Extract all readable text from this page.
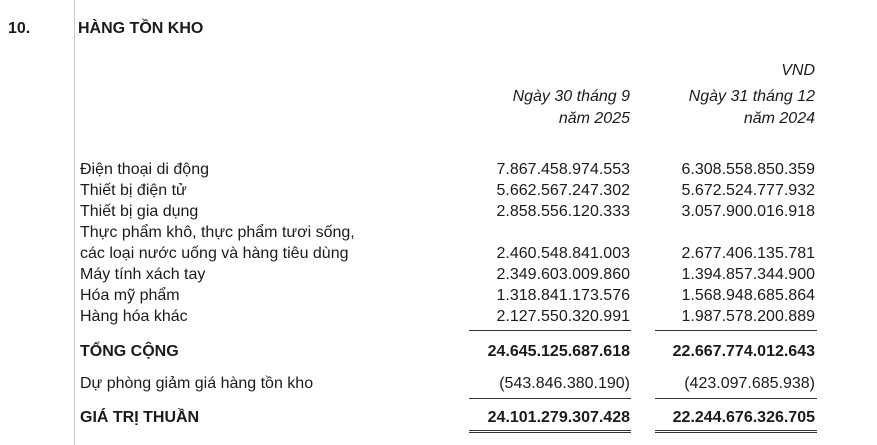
10.	HÀNG TỒN KHO
VND
Ngày 30 tháng 9
năm 2025
Ngày 31 tháng 12
năm 2024
Điện thoại di động	7.867.458.974.553	6.308.558.850.359
Thiết bị điện tử	5.662.567.247.302	5.672.524.777.932
Thiết bị gia dụng	2.858.556.120.333	3.057.900.016.918
Thực phẩm khô, thực phẩm tươi sống,
các loại nước uống và hàng tiêu dùng	2.460.548.841.003	2.677.406.135.781
Máy tính xách tay	2.349.603.009.860	1.394.857.344.900
Hóa mỹ phẩm	1.318.841.173.576	1.568.948.685.864
Hàng hóa khác	2.127.550.320.991	1.987.578.200.889
TỔNG CỘNG	24.645.125.687.618	22.667.774.012.643
Dự phòng giảm giá hàng tồn kho	(543.846.380.190)	(423.097.685.938)
GIÁ TRỊ THUẦN	24.101.279.307.428	22.244.676.326.705
